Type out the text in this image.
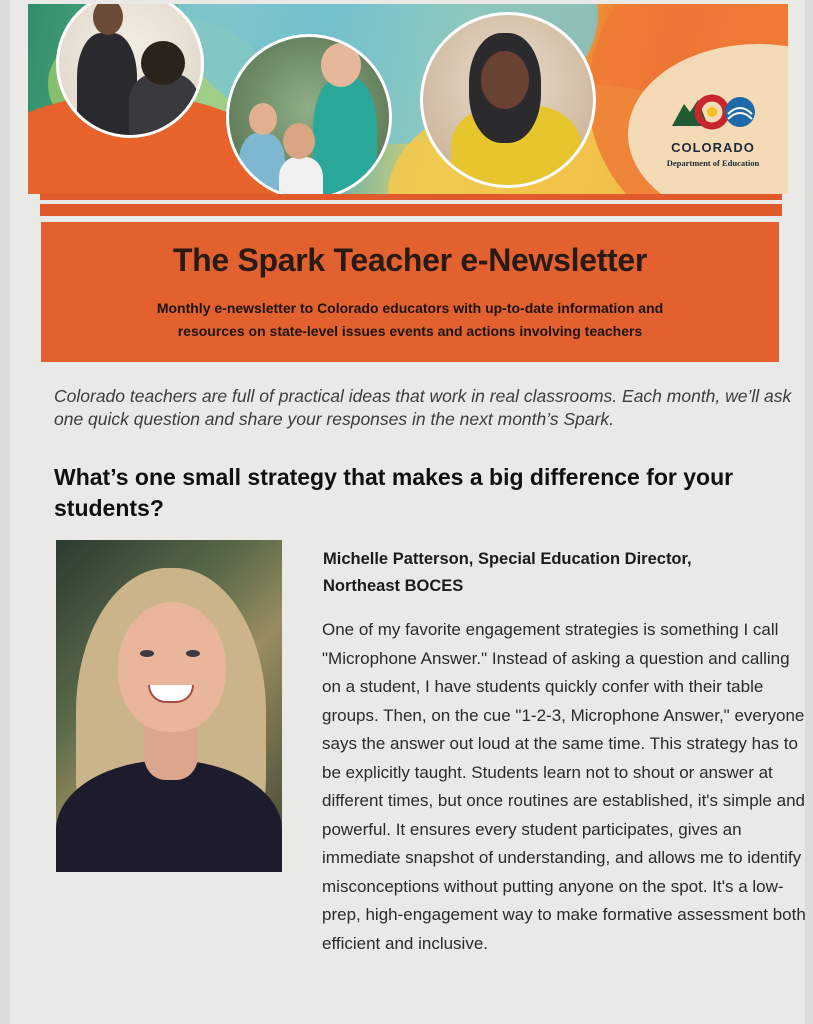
COLORADO
Department of Education
The Spark Teacher e-Newsletter

Monthly e-newsletter to Colorado educators with up-to-date information and
resources on state-level issues events and actions involving teachers

Colorado teachers are full of practical ideas that work in real classrooms. Each month, we’ll ask one quick question and share your responses in the next month’s Spark.
What’s one small strategy that makes a big difference for your students?
Michelle Patterson, Special Education Director,
Northeast BOCES
One of my favorite engagement strategies is something I call "Microphone Answer." Instead of asking a question and calling on a student, I have students quickly confer with their table groups. Then, on the cue "1-2-3, Microphone Answer," everyone says the answer out loud at the same time. This strategy has to be explicitly taught. Students learn not to shout or answer at different times, but once routines are established, it's simple and powerful. It ensures every student participates, gives an immediate snapshot of understanding, and allows me to identify misconceptions without putting anyone on the spot. It's a low-prep, high-engagement way to make formative assessment both efficient and inclusive.
